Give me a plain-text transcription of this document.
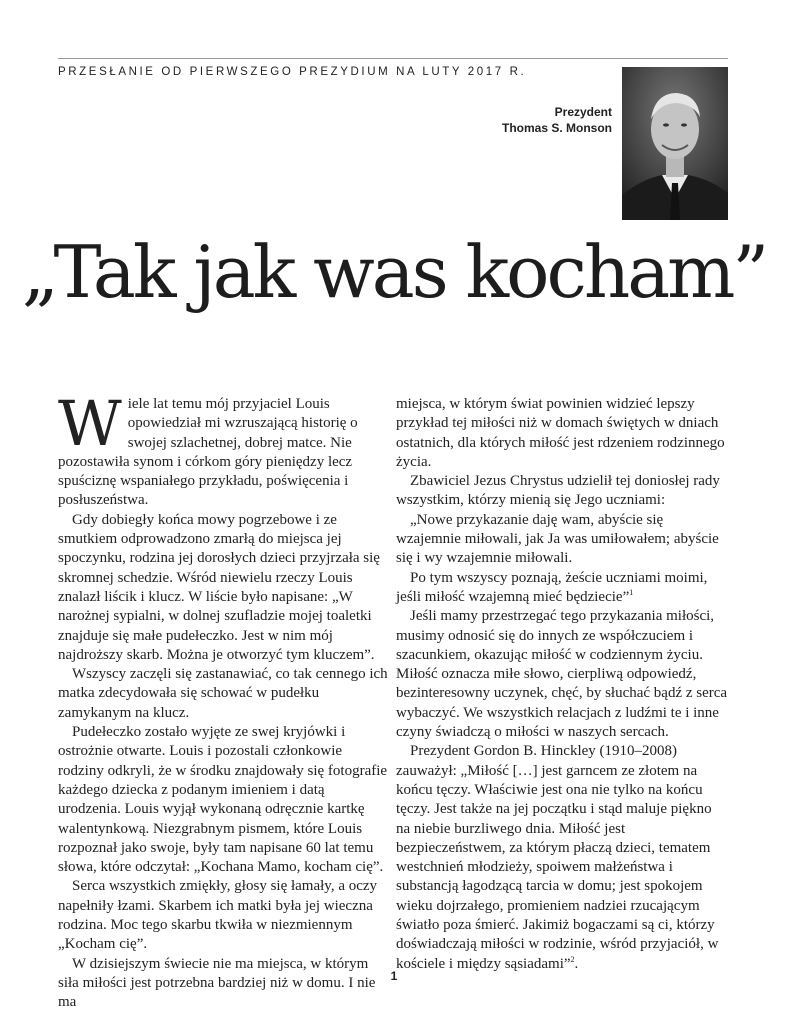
PRZESŁANIE OD PIERWSZEGO PREZYDIUM NA LUTY 2017 R.
Prezydent
Thomas S. Monson
„Tak jak was kocham”

Wiele lat temu mój przyjaciel Louis opowiedział mi wzruszającą historię o swojej szlachetnej, dobrej matce. Nie pozostawiła synom i córkom góry pieniędzy lecz spuściznę wspaniałego przykładu, poświęcenia i posłuszeństwa.

Gdy dobiegły końca mowy pogrzebowe i ze smutkiem odprowadzono zmarłą do miejsca jej spoczynku, rodzina jej dorosłych dzieci przyjrzała się skromnej schedzie. Wśród niewielu rzeczy Louis znalazł liścik i klucz. W liście było napisane: „W narożnej sypialni, w dolnej szufladzie mojej toaletki znajduje się małe pudełeczko. Jest w nim mój najdroższy skarb. Można je otworzyć tym kluczem”.

Wszyscy zaczęli się zastanawiać, co tak cennego ich matka zdecydowała się schować w pudełku zamykanym na klucz.

Pudełeczko zostało wyjęte ze swej kryjówki i ostrożnie otwarte. Louis i pozostali członkowie rodziny odkryli, że w środku znajdowały się fotografie każdego dziecka z podanym imieniem i datą urodzenia. Louis wyjął wykonaną odręcznie kartkę walentynkową. Niezgrabnym pismem, które Louis rozpoznał jako swoje, były tam napisane 60 lat temu słowa, które odczytał: „Kochana Mamo, kocham cię”.

Serca wszystkich zmiękły, głosy się łamały, a oczy napełniły łzami. Skarbem ich matki była jej wieczna rodzina. Moc tego skarbu tkwiła w niezmiennym „Kocham cię”.

W dzisiejszym świecie nie ma miejsca, w którym siła miłości jest potrzebna bardziej niż w domu. I nie ma

miejsca, w którym świat powinien widzieć lepszy przykład tej miłości niż w domach świętych w dniach ostatnich, dla których miłość jest rdzeniem rodzinnego życia.

Zbawiciel Jezus Chrystus udzielił tej doniosłej rady wszystkim, którzy mienią się Jego uczniami:

„Nowe przykazanie daję wam, abyście się wzajemnie miłowali, jak Ja was umiłowałem; abyście się i wy wzajemnie miłowali.

Po tym wszyscy poznają, żeście uczniami moimi, jeśli miłość wzajemną mieć będziecie”$^1$

Jeśli mamy przestrzegać tego przykazania miłości, musimy odnosić się do innych ze współczuciem i szacunkiem, okazując miłość w codziennym życiu. Miłość oznacza miłe słowo, cierpliwą odpowiedź, bezinteresowny uczynek, chęć, by słuchać bądź z serca wybaczyć. We wszystkich relacjach z ludźmi te i inne czyny świadczą o miłości w naszych sercach.

Prezydent Gordon B. Hinckley (1910–2008) zauważył: „Miłość […] jest garncem ze złotem na końcu tęczy. Właściwie jest ona nie tylko na końcu tęczy. Jest także na jej początku i stąd maluje piękno na niebie burzliwego dnia. Miłość jest bezpieczeństwem, za którym płaczą dzieci, tematem westchnień młodzieży, spoiwem małżeństwa i substancją łagodzącą tarcia w domu; jest spokojem wieku dojrzałego, promieniem nadziei rzucającym światło poza śmierć. Jakimiż bogaczami są ci, którzy doświadczają miłości w rodzinie, wśród przyjaciół, w kościele i między sąsiadami”$^2$.

1
